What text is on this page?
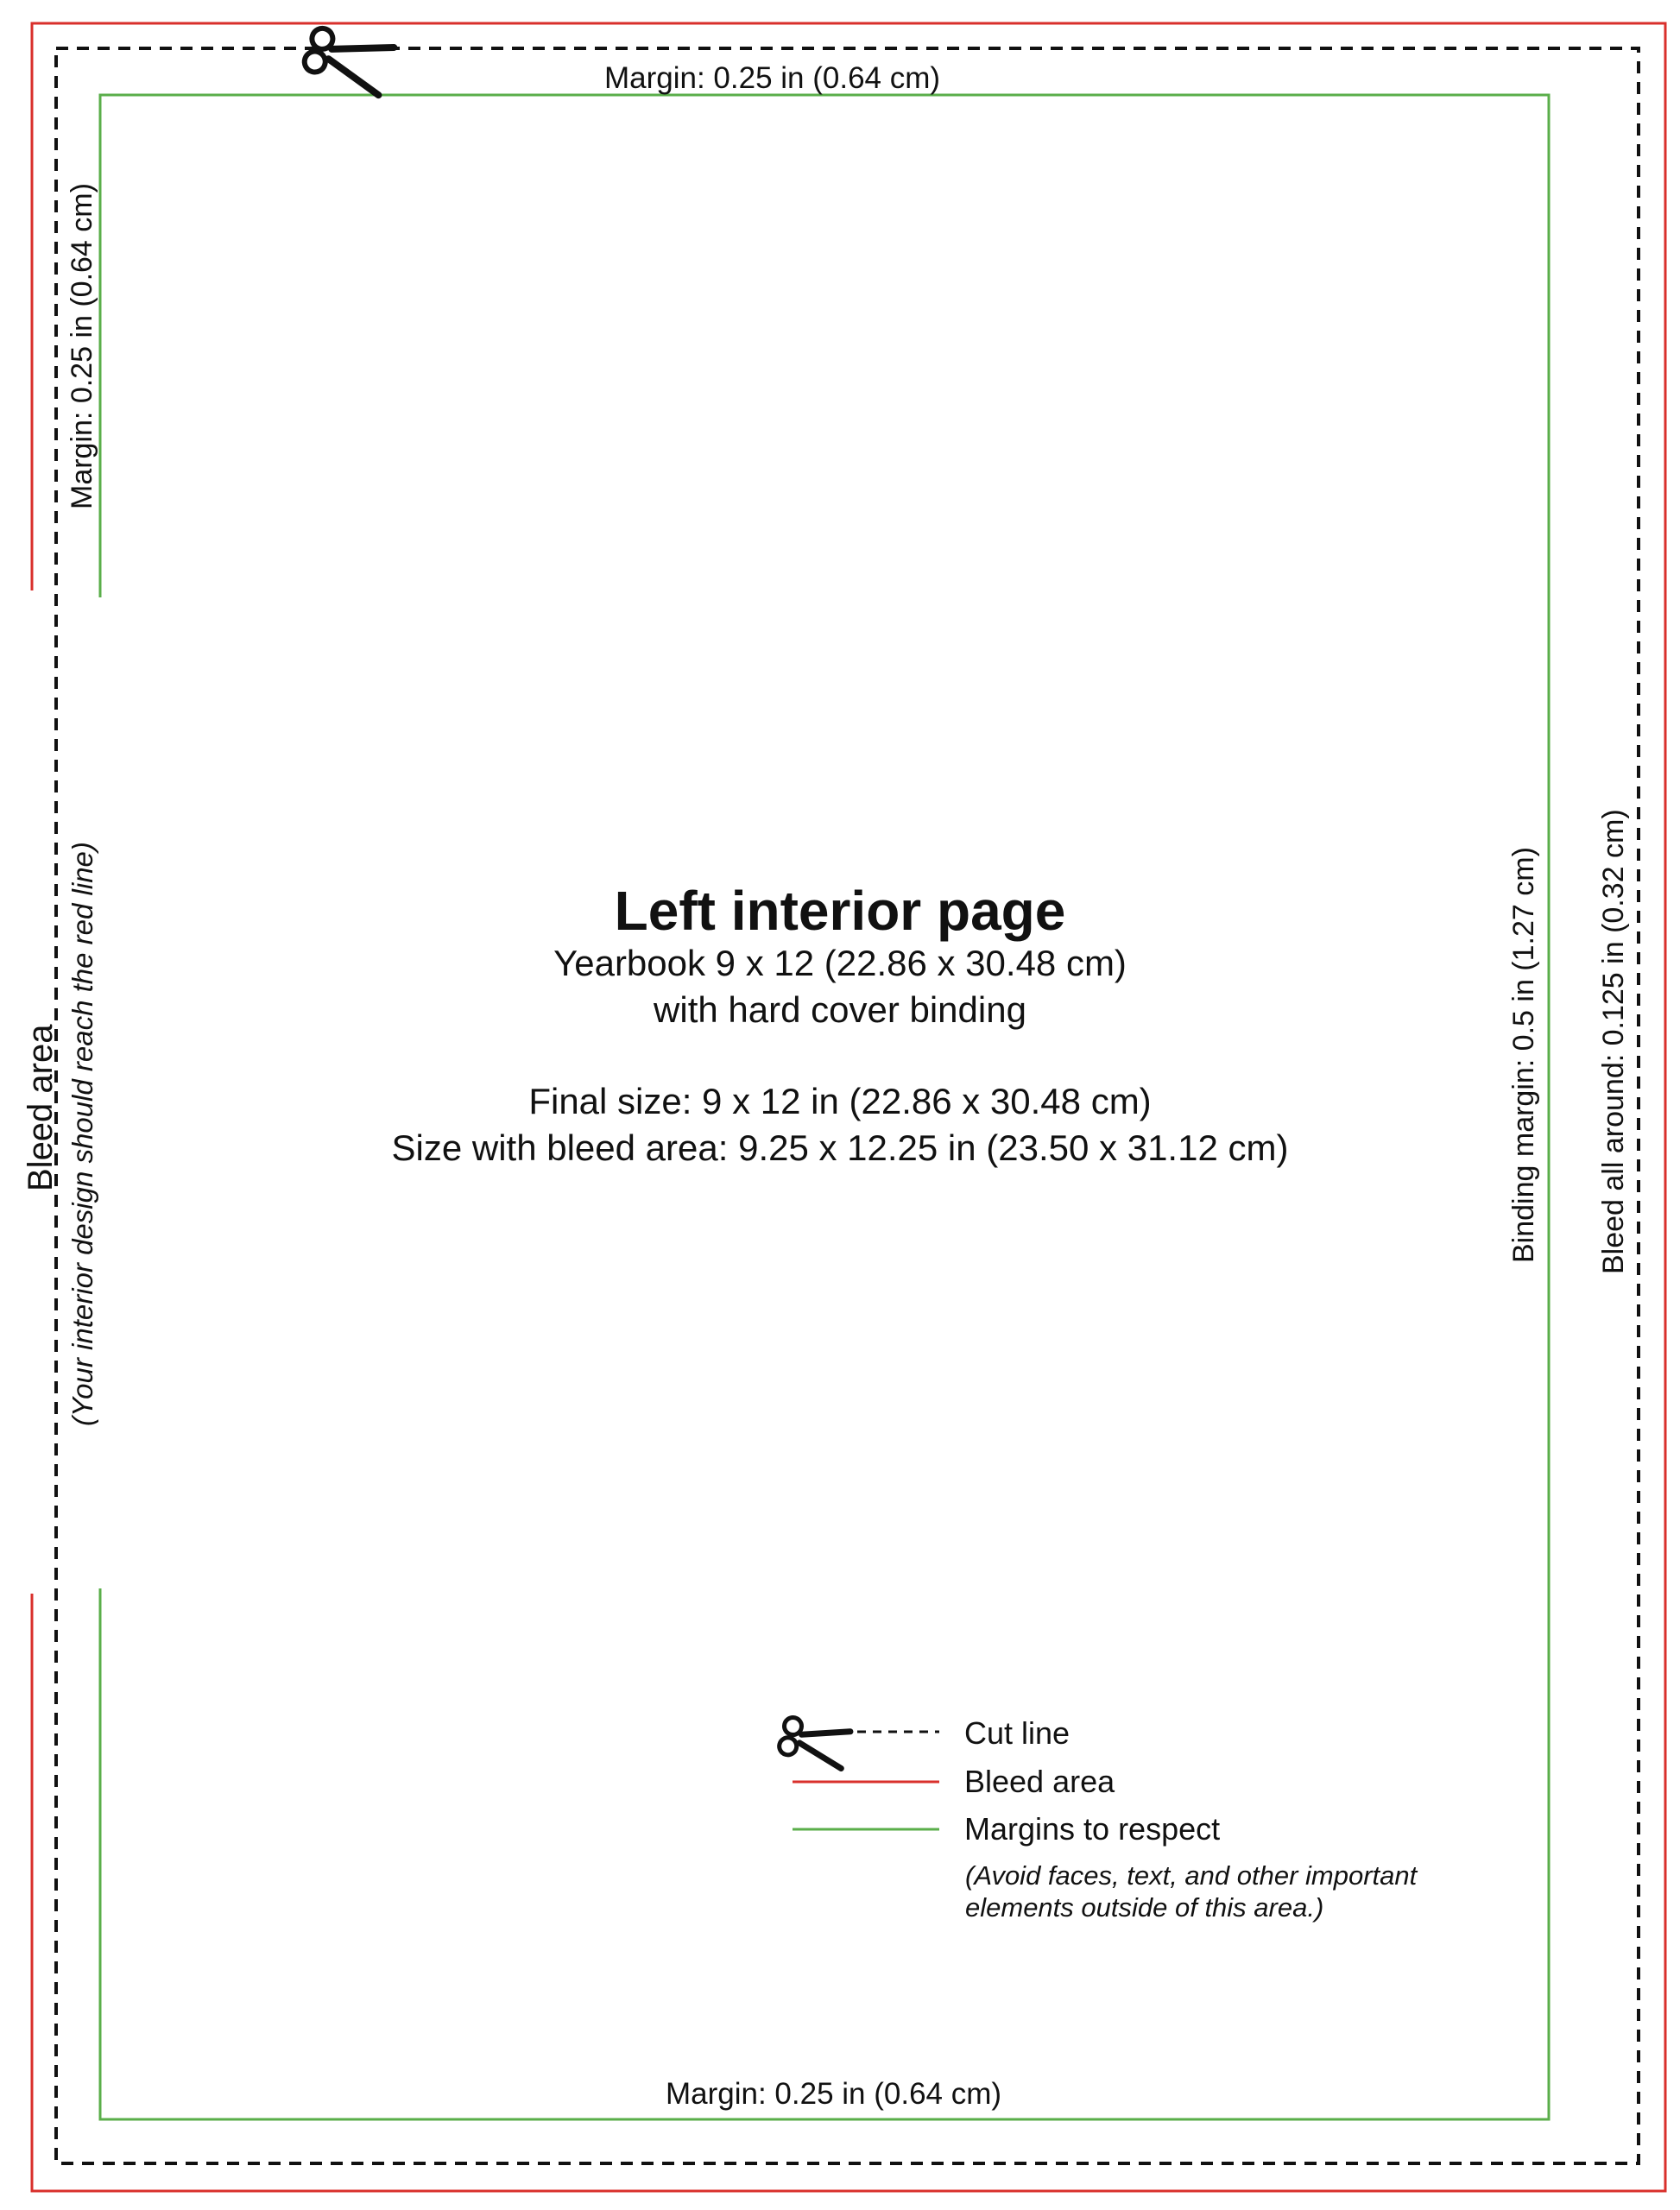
Margin: 0.25 in (0.64 cm)
Margin: 0.25 in (0.64 cm)
Margin: 0.25 in (0.64 cm)
Binding margin: 0.5 in (1.27 cm) Bleed all around: 0.125 in (0.32 cm)
Bleed area (Your interior design should reach the red line)	Left interior page
Yearbook 9 x 12 (22.86 x 30.48 cm)
with hard cover binding
Final size: 9 x 12 in (22.86 x 30.48 cm)
Size with bleed area: 9.25 x 12.25 in (23.50 x 31.12 cm)
Cut line
Bleed area
Margins to respect
(Avoid faces, text, and other important
elements outside of this area.)
